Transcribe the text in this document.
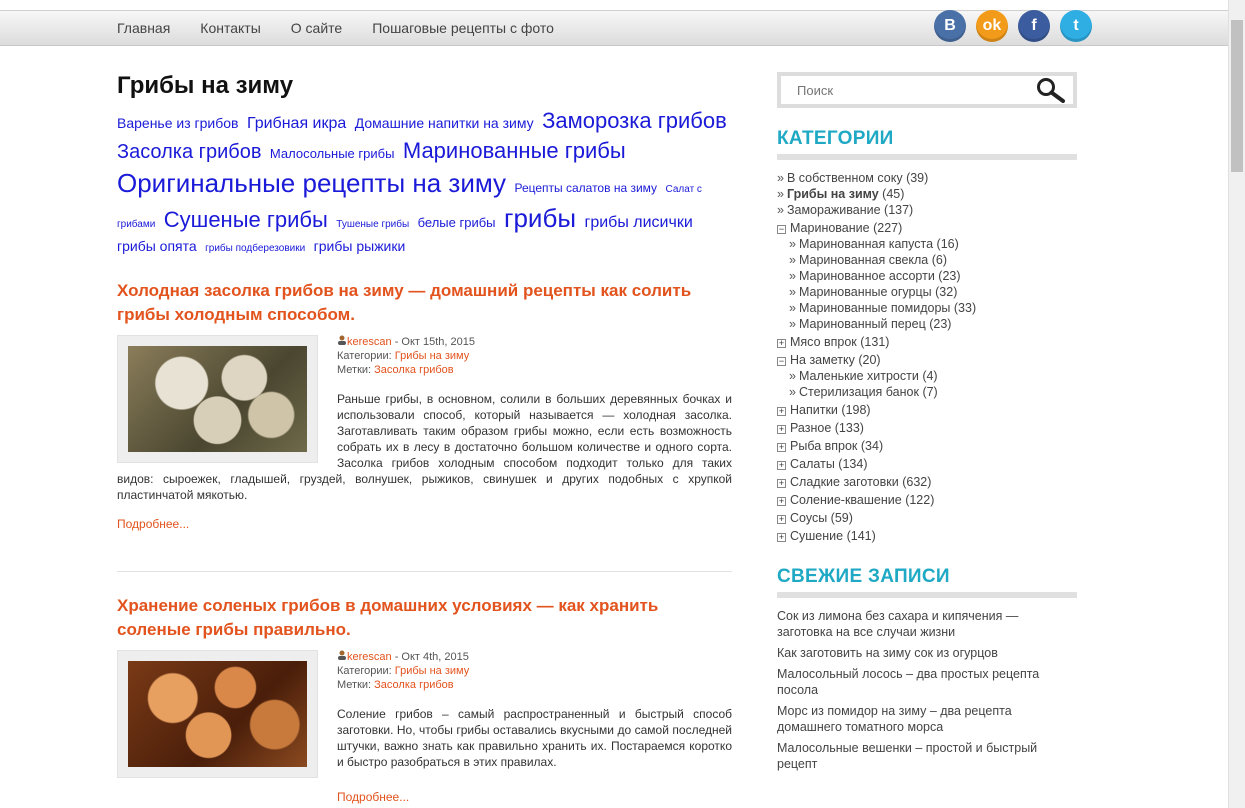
Главная Контакты О сайте Пошаговые рецепты с фото	В	ok	f	t
Грибы на зиму
Варенье из грибов Грибная икра Домашние напитки на зиму Заморозка грибов Засолка грибов Малосольные грибы Маринованные грибы Оригинальные рецепты на зиму Рецепты салатов на зиму Салат с грибами Сушеные грибы Тушеные грибы белые грибы грибы грибы лисички грибы опята грибы подберезовики грибы рыжики
Холодная засолка грибов на зиму — домашний рецепты как солить грибы холодным способом.
kerescan - Окт 15th, 2015
Категории: Грибы на зиму
Метки: Засолка грибов

Раньше грибы, в основном, солили в больших деревянных бочках и использовали способ, который называется — холодная засолка. Заготавливать таким образом грибы можно, если есть возможность собрать их в лесу в достаточно большом количестве и одного сорта. Засолка грибов холодным способом подходит только для таких видов: сыроежек, гладышей, груздей, волнушек, рыжиков, свинушек и других подобных с хрупкой пластинчатой мякотью.

Подробнее...
Хранение соленых грибов в домашних условиях — как хранить соленые грибы правильно.
kerescan - Окт 4th, 2015
Категории: Грибы на зиму
Метки: Засолка грибов

Соление грибов – самый распространенный и быстрый способ заготовки. Но, чтобы грибы оставались вкусными до самой последней штучки, важно знать как правильно хранить их. Постараемся коротко и быстро разобраться в этих правилах.

Подробнее...
Поиск
КАТЕГОРИИ
» В собственном соку (39)
» Грибы на зиму (45)
» Замораживание (137)
− Маринование (227)
» Маринованная капуста (16)
» Маринованная свекла (6)
» Маринованное ассорти (23)
» Маринованные огурцы (32)
» Маринованные помидоры (33)
» Маринованный перец (23)
+ Мясо впрок (131)
− На заметку (20)
» Маленькие хитрости (4)
» Стерилизация банок (7)
+ Напитки (198)
+ Разное (133)
+ Рыба впрок (34)
+ Салаты (134)
+ Сладкие заготовки (632)
+ Соление-квашение (122)
+ Соусы (59)
+ Сушение (141)
СВЕЖИЕ ЗАПИСИ
Сок из лимона без сахара и кипячения — заготовка на все случаи жизни
Как заготовить на зиму сок из огурцов
Малосольный лосось – два простых рецепта посола
Морс из помидор на зиму – два рецепта домашнего томатного морса
Малосольные вешенки – простой и быстрый рецепт
